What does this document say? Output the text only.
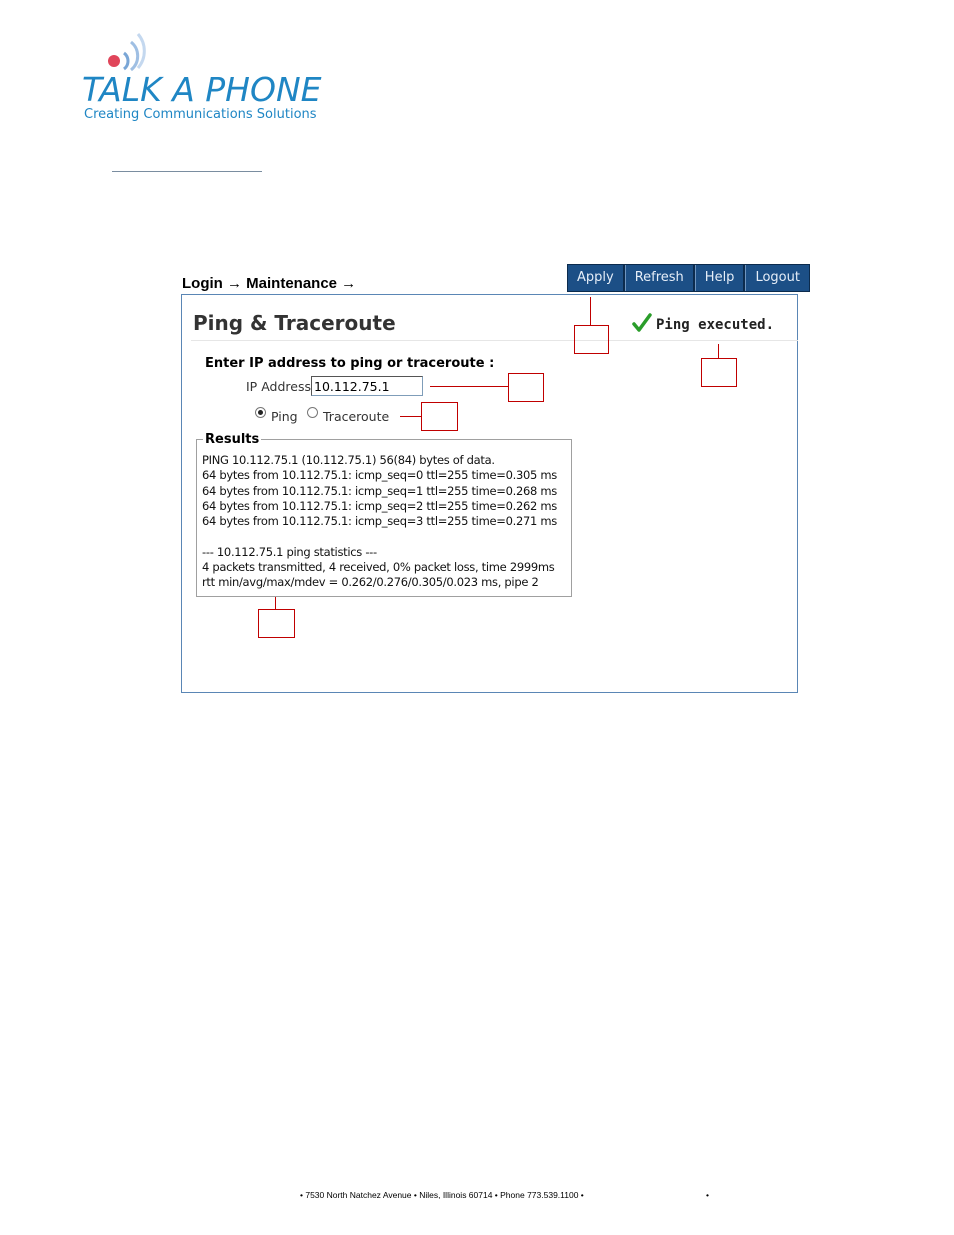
TALK A PHONE
Creating Communications Solutions
Login → Maintenance →	Apply	Refresh	Help	Logout
Ping & Traceroute	Ping executed.
Enter IP address to ping or traceroute :
IP Address
10.112.75.1
Ping Traceroute
Results
PING 10.112.75.1 (10.112.75.1) 56(84) bytes of data.
64 bytes from 10.112.75.1: icmp_seq=0 ttl=255 time=0.305 ms
64 bytes from 10.112.75.1: icmp_seq=1 ttl=255 time=0.268 ms
64 bytes from 10.112.75.1: icmp_seq=2 ttl=255 time=0.262 ms
64 bytes from 10.112.75.1: icmp_seq=3 ttl=255 time=0.271 ms

--- 10.112.75.1 ping statistics ---
4 packets transmitted, 4 received, 0% packet loss, time 2999ms
rtt min/avg/max/mdev = 0.262/0.276/0.305/0.023 ms, pipe 2
• 7530 North Natchez Avenue • Niles, Illinois 60714 • Phone 773.539.1100 •	•
